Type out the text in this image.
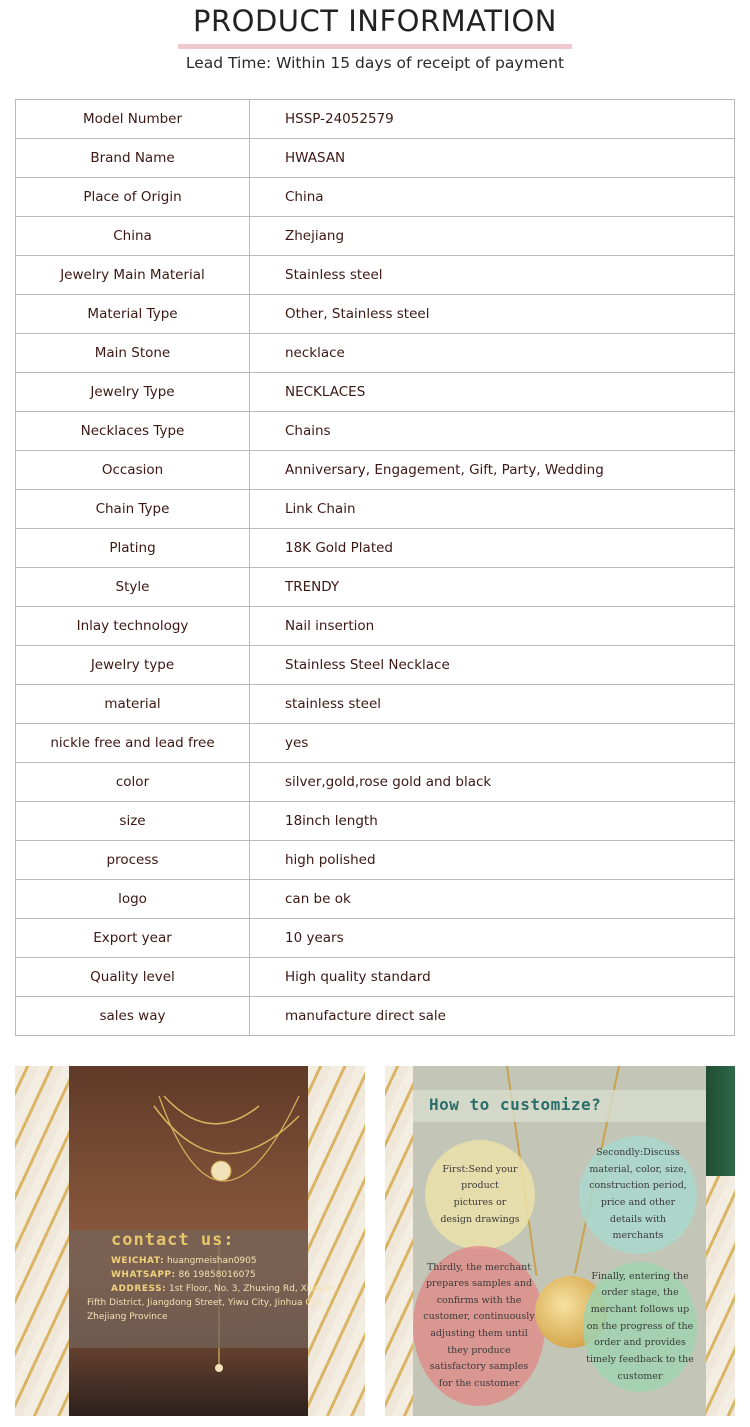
PRODUCT INFORMATION
Lead Time: Within 15 days of receipt of payment
Model Number	HSSP-24052579
Brand Name	HWASAN
Place of Origin	China
China	Zhejiang
Jewelry Main Material	Stainless steel
Material Type	Other, Stainless steel
Main Stone	necklace
Jewelry Type	NECKLACES
Necklaces Type	Chains
Occasion	Anniversary, Engagement, Gift, Party, Wedding
Chain Type	Link Chain
Plating	18K Gold Plated
Style	TRENDY
Inlay technology	Nail insertion
Jewelry type	Stainless Steel Necklace
material	stainless steel
nickle free and lead free	yes
color	silver,gold,rose gold and black
size	18inch length
process	high polished
logo	can be ok
Export year	10 years
Quality level	High quality standard
sales way	manufacture direct sale
contact us:
WEICHAT: huangmeishan0905
WHATSAPP: 86 19858016075
ADDRESS: 1st Floor, No. 3, Zhuxing Rd, Xiuwan
Fifth District, Jiangdong Street, Yiwu City, Jinhua City,
Zhejiang Province
How to customize?
First:Send your product pictures or design drawings
Secondly:Discuss material, color, size, construction period, price and other details with merchants
Thirdly, the merchant prepares samples and confirms with the customer, continuously adjusting them until they produce satisfactory samples for the customer
Finally, entering the order stage, the merchant follows up on the progress of the order and provides timely feedback to the customer
